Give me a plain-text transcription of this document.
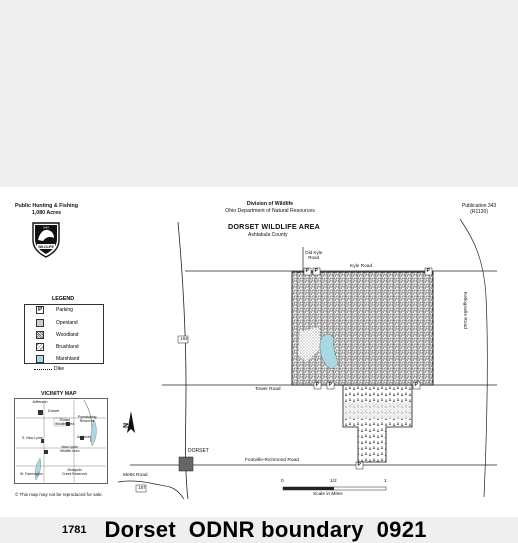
Public Hunting & Fishing
1,080 Acres
Division of Wildlife
Ohio Department of Natural Resources
Publication 343
(R1120)
WILDLIFE
OHIO	DORSET WILDLIFE AREA
Ashtabula County
Old Kyle
Road
Kyle Road
Kellogsville Road
Tower Road
Footville-Richmond Road
Metts Road
193
167
DORSET
N
P P	P
P P	P
P
0	1/2	1
Scale in Miles
LEGEND
P	Parking
Openland
Woodland
Brushland
Marshland
Dike
VICINITY MAP
Jefferson
Dorset
Dorset
Wildlife Area
Pymatuning
Reservoir
S. New Lyme	Andover
New Lyme
Wildlife Area
W. Farmington
Mosquito
Creek Reservoir
© This map may not be reproduced for sale.
1781 Dorset  ODNR boundary  0921
